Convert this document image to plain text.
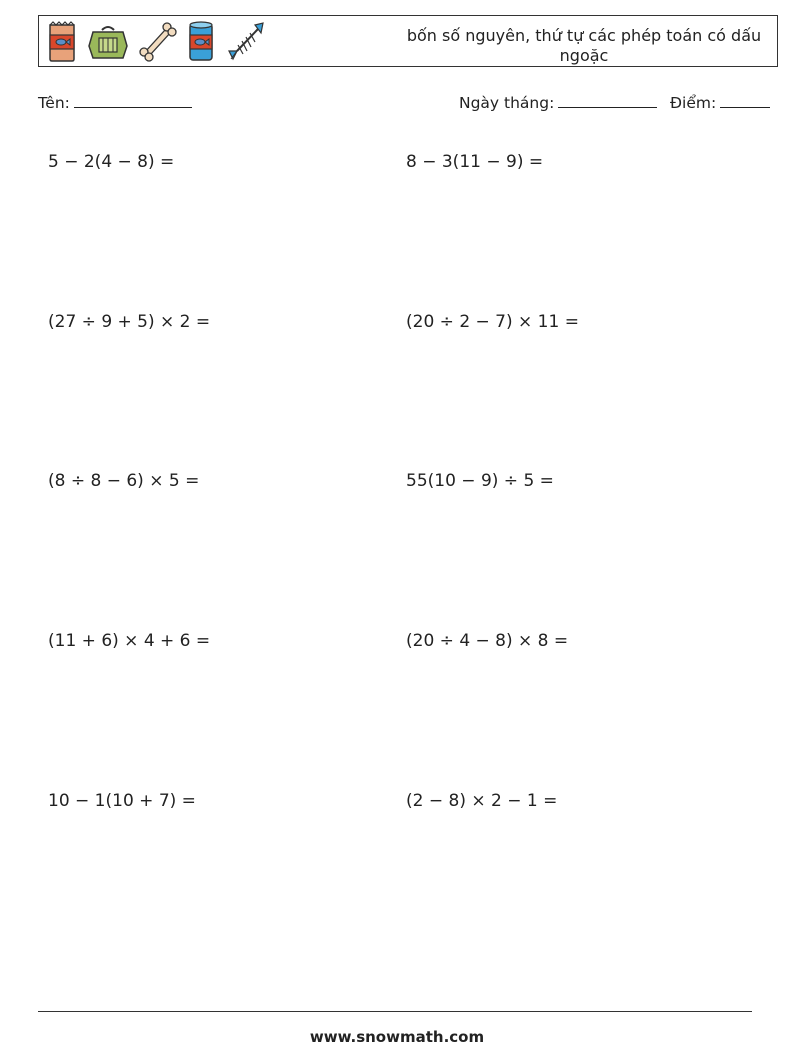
bốn số nguyên, thứ tự các phép toán có dấu ngoặc
Tên:	Ngày tháng:	Điểm:
5 − 2(4 − 8) =	8 − 3(11 − 9) =
(27 ÷ 9 + 5) × 2 =	(20 ÷ 2 − 7) × 11 =
(8 ÷ 8 − 6) × 5 =	55(10 − 9) ÷ 5 =
(11 + 6) × 4 + 6 =	(20 ÷ 4 − 8) × 8 =
10 − 1(10 + 7) =	(2 − 8) × 2 − 1 =
www.snowmath.com
